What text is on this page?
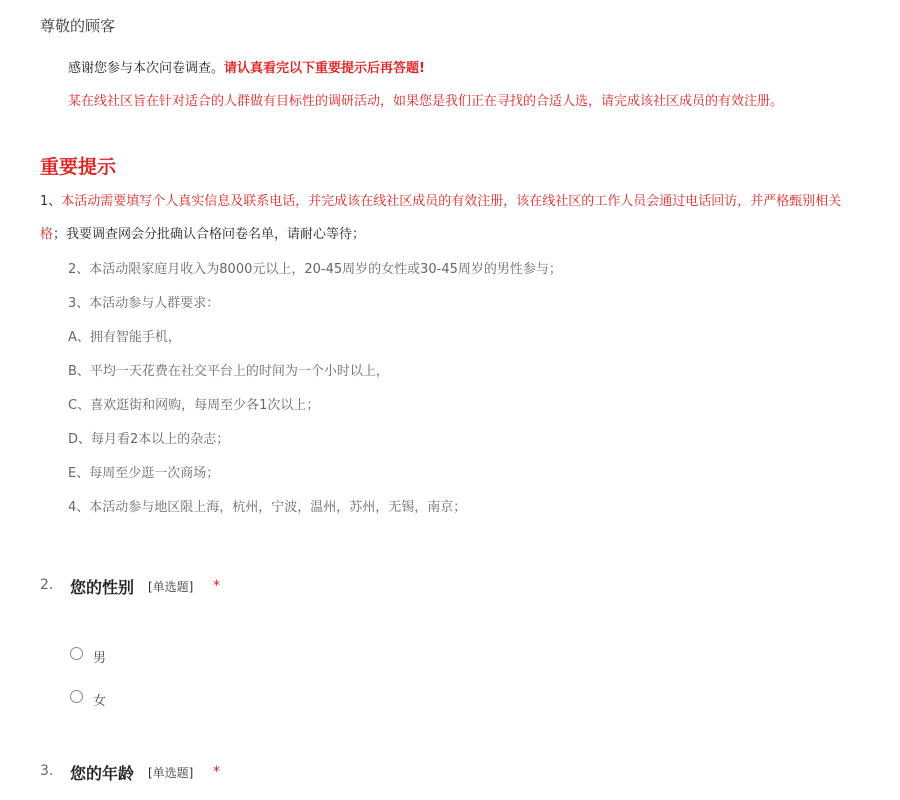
尊敬的顾客
感谢您参与本次问卷调查。请认真看完以下重要提示后再答题!
某在线社区旨在针对适合的人群做有目标性的调研活动，如果您是我们正在寻找的合适人选，请完成该社区成员的有效注册。
重要提示
1、本活动需要填写个人真实信息及联系电话，并完成该在线社区成员的有效注册，该在线社区的工作人员会通过电话回访，并严格甄别相关
格；我要调查网会分批确认合格问卷名单，请耐心等待；
2、本活动限家庭月收入为8000元以上，20-45周岁的女性或30-45周岁的男性参与；
3、本活动参与人群要求：
A、拥有智能手机，
B、平均一天花费在社交平台上的时间为一个小时以上，
C、喜欢逛街和网购，每周至少各1次以上；
D、每月看2本以上的杂志；
E、每周至少逛一次商场；
4、本活动参与地区限上海，杭州，宁波，温州，苏州，无锡，南京；
2. 您的性别 [单选题] *
男
女
3. 您的年龄 [单选题] *
